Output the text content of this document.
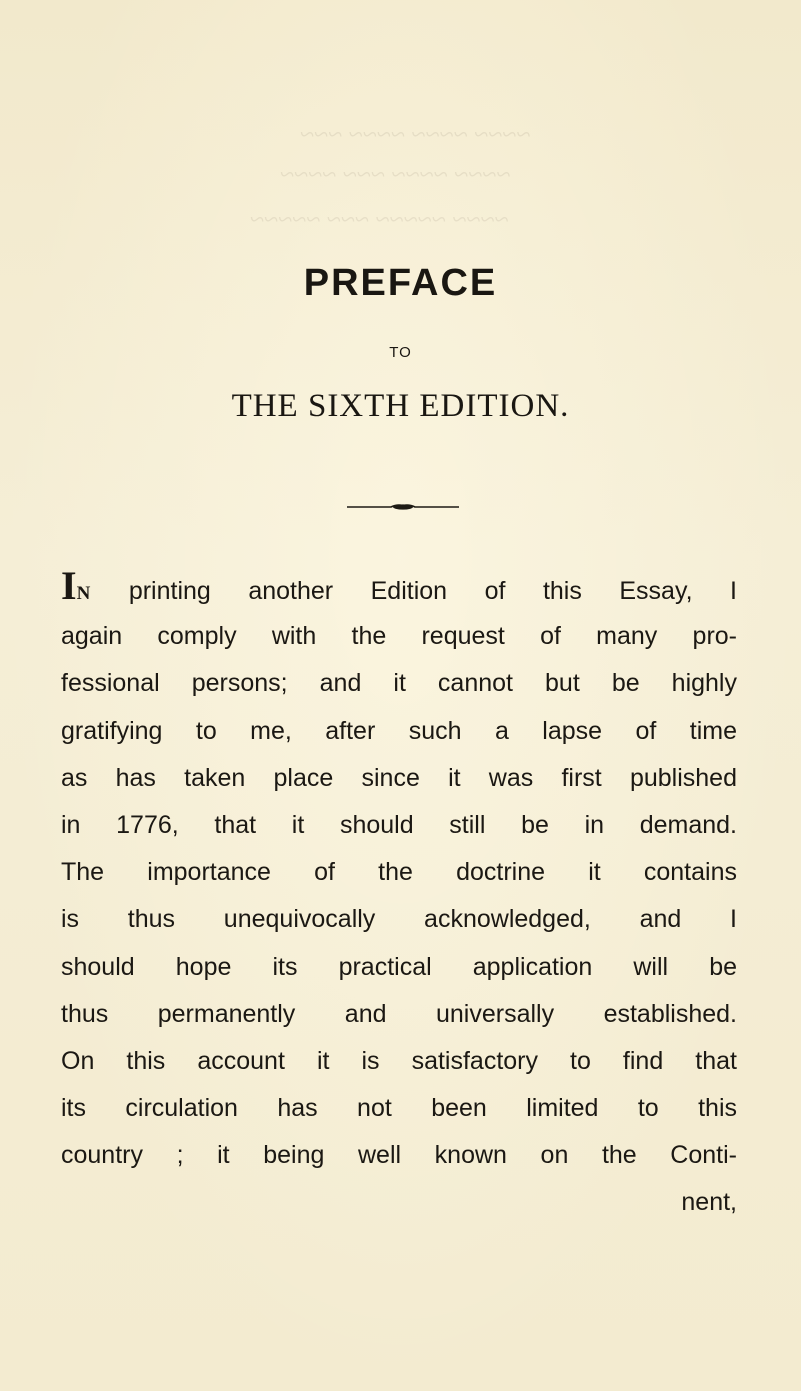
~~~~ ~~~~ ~~~~ ~~~
~~~~ ~~~~ ~~~ ~~~~
~~~~ ~~~~~ ~~~ ~~~~~
PREFACE
TO
THE SIXTH EDITION.
IN printing another Edition of this Essay, I
again comply with the request of many pro-
fessional persons; and it cannot but be highly
gratifying to me, after such a lapse of time
as has taken place since it was first published
in 1776, that it should still be in demand.
The importance of the doctrine it contains
is thus unequivocally acknowledged, and I
should hope its practical application will be
thus permanently and universally established.
On this account it is satisfactory to find that
its circulation has not been limited to this
country ; it being well known on the Conti-
nent,
